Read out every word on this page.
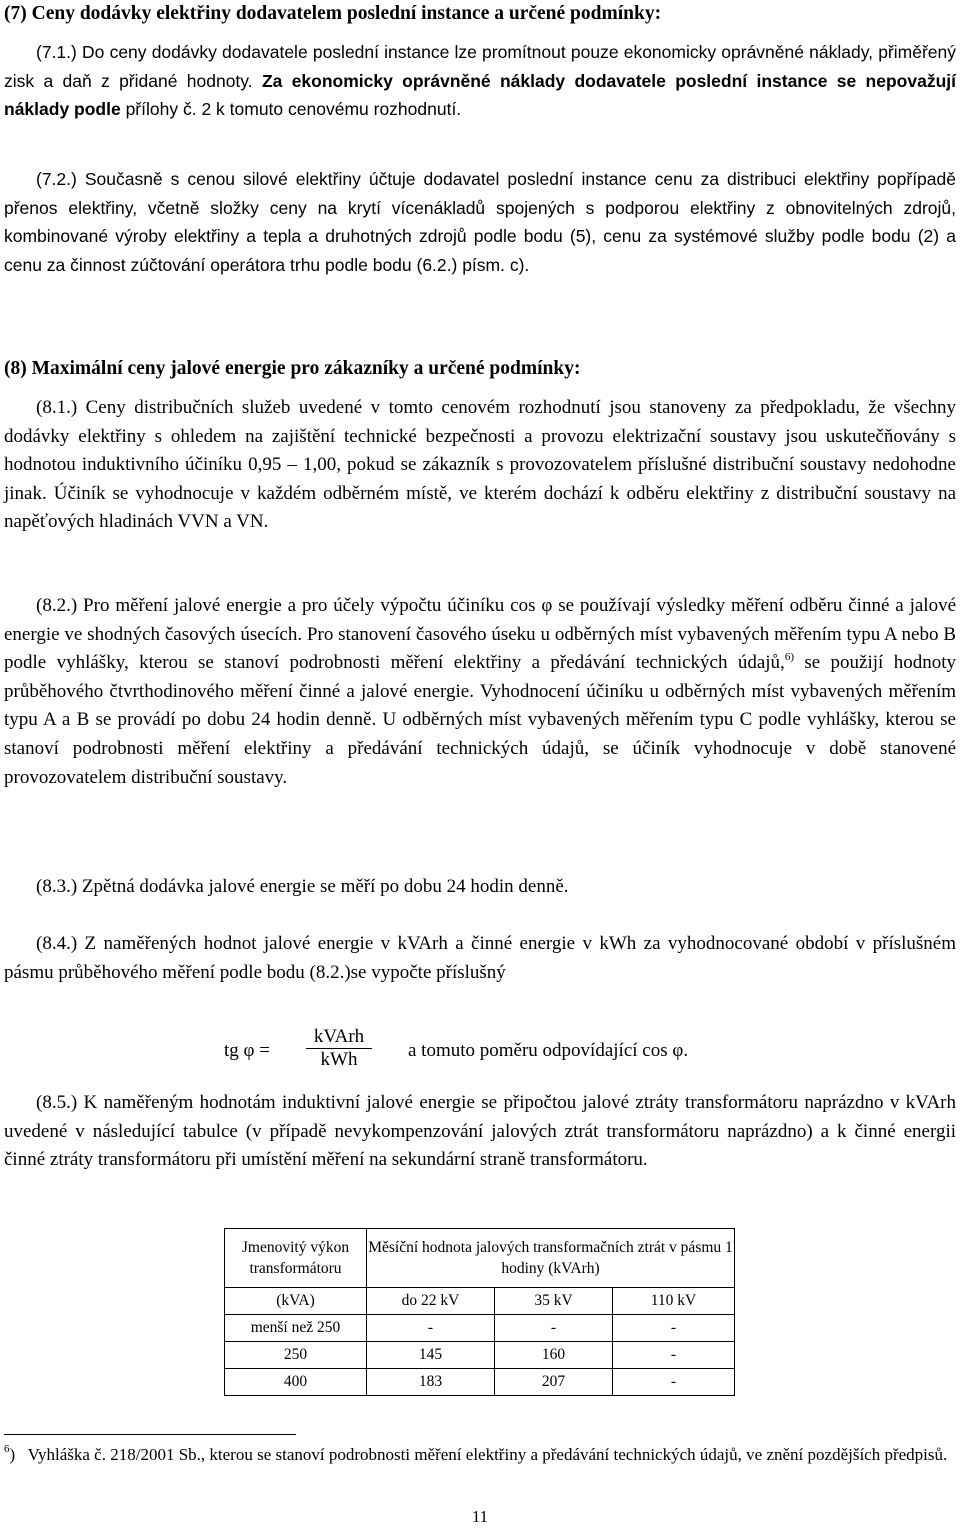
(7) Ceny dodávky elektřiny dodavatelem poslední instance a určené podmínky:
(7.1.) Do ceny dodávky dodavatele poslední instance lze promítnout pouze ekonomicky oprávněné náklady, přiměřený zisk a daň z přidané hodnoty. Za ekonomicky oprávněné náklady dodavatele poslední instance se nepovažují náklady podle přílohy č. 2 k tomuto cenovému rozhodnutí.
(7.2.) Současně s cenou silové elektřiny účtuje dodavatel poslední instance cenu za distribuci elektřiny popřípadě přenos elektřiny, včetně složky ceny na krytí vícenákladů spojených s podporou elektřiny z obnovitelných zdrojů, kombinované výroby elektřiny a tepla a druhotných zdrojů podle bodu (5), cenu za systémové služby podle bodu (2) a cenu za činnost zúčtování operátora trhu podle bodu (6.2.) písm. c).
(8) Maximální ceny jalové energie pro zákazníky a určené podmínky:
(8.1.) Ceny distribučních služeb uvedené v tomto cenovém rozhodnutí jsou stanoveny za předpokladu, že všechny dodávky elektřiny s ohledem na zajištění technické bezpečnosti a provozu elektrizační soustavy jsou uskutečňovány s hodnotou induktivního účiníku 0,95 – 1,00, pokud se zákazník s provozovatelem příslušné distribuční soustavy nedohodne jinak. Účiník se vyhodnocuje v každém odběrném místě, ve kterém dochází k odběru elektřiny z distribuční soustavy na napěťových hladinách VVN a VN.
(8.2.) Pro měření jalové energie a pro účely výpočtu účiníku cos φ se používají výsledky měření odběru činné a jalové energie ve shodných časových úsecích. Pro stanovení časového úseku u odběrných míst vybavených měřením typu A nebo B podle vyhlášky, kterou se stanoví podrobnosti měření elektřiny a předávání technických údajů,$^{6)}$ se použijí hodnoty průběhového čtvrthodinového měření činné a jalové energie. Vyhodnocení účiníku u odběrných míst vybavených měřením typu A a B se provádí po dobu 24 hodin denně. U odběrných míst vybavených měřením typu C podle vyhlášky, kterou se stanoví podrobnosti měření elektřiny a předávání technických údajů, se účiník vyhodnocuje v době stanovené provozovatelem distribuční soustavy.
(8.3.) Zpětná dodávka jalové energie se měří po dobu 24 hodin denně.
(8.4.) Z naměřených hodnot jalové energie v kVArh a činné energie v kWh za vyhodnocované období v příslušném pásmu průběhového měření podle bodu (8.2.)se vypočte příslušný
tg φ =
kVArh
kWh	a tomuto poměru odpovídající cos φ.
(8.5.) K naměřeným hodnotám induktivní jalové energie se připočtou jalové ztráty transformátoru naprázdno v kVArh uvedené v následující tabulce (v případě nevykompenzování jalových ztrát transformátoru naprázdno) a k činné energii činné ztráty transformátoru při umístění měření na sekundární straně transformátoru.
Jmenovitý výkon transformátoru	Měsíční hodnota jalových transformačních ztrát v pásmu 1 hodiny (kVArh)		
(kVA)	do 22 kV	35 kV	110 kV
menší než 250	-	-	-
250	145	160	-
400	183	207	-
$^6$)   Vyhláška č. 218/2001 Sb., kterou se stanoví podrobnosti měření elektřiny a předávání technických údajů, ve znění pozdějších předpisů.
11
